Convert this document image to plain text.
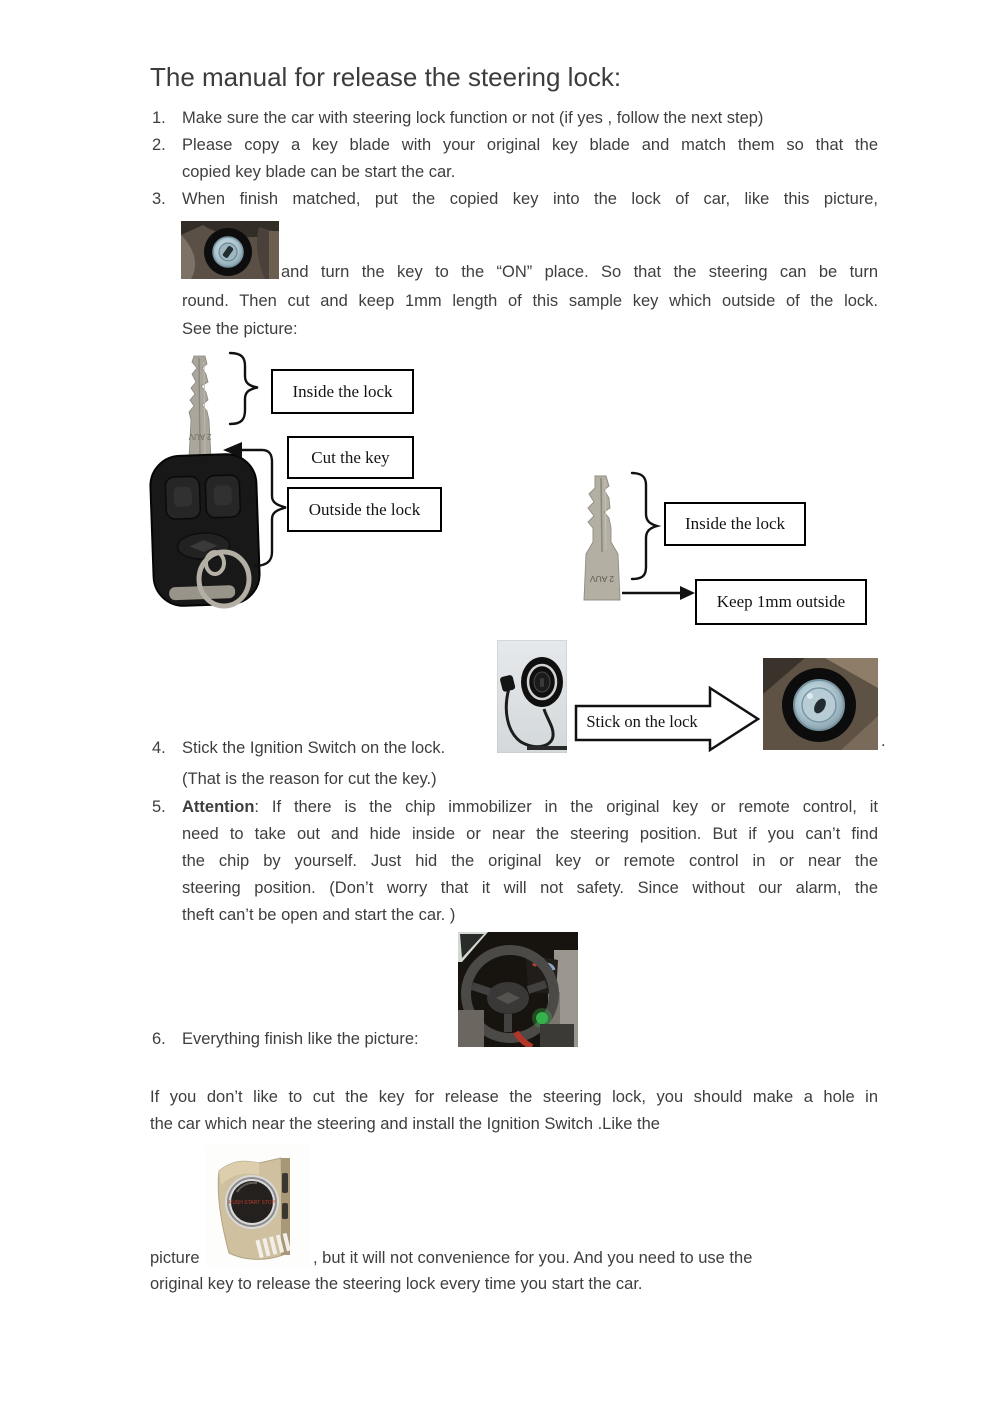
The manual for release the steering lock:
1. Make sure the car with steering lock function or not (if yes , follow the next step)
2. Please copy a key blade with your original key blade and match them so that the
copied key blade can be start the car.
3. When finish matched, put the copied key into the lock of car, like this picture,
and turn the key to the “ON” place. So that the steering can be turn
round. Then cut and keep 1mm length of this sample key which outside of the lock.
See the picture:
2 AUV
Inside the lock
Cut the key
Outside the lock
2 AUV
Inside the lock
Keep 1mm outside
Stick on the lock
.
4. Stick the Ignition Switch on the lock.
(That is the reason for cut the key.)
5. Attention: If there is the chip immobilizer in the original key or remote control, it
need to take out and hide inside or near the steering position. But if you can’t find
the chip by yourself. Just hid the original key or remote control in or near the
steering position. (Don’t worry that it will not safety. Since without our alarm, the
theft can’t be open and start the car. )
6. Everything finish like the picture:
If you don’t like to cut the key for release the steering lock, you should make a hole in
the car which near the steering and install the Ignition Switch .Like the
PUSH START STOP
picture	, but it will not convenience for you. And you need to use the
original key to release the steering lock every time you start the car.
